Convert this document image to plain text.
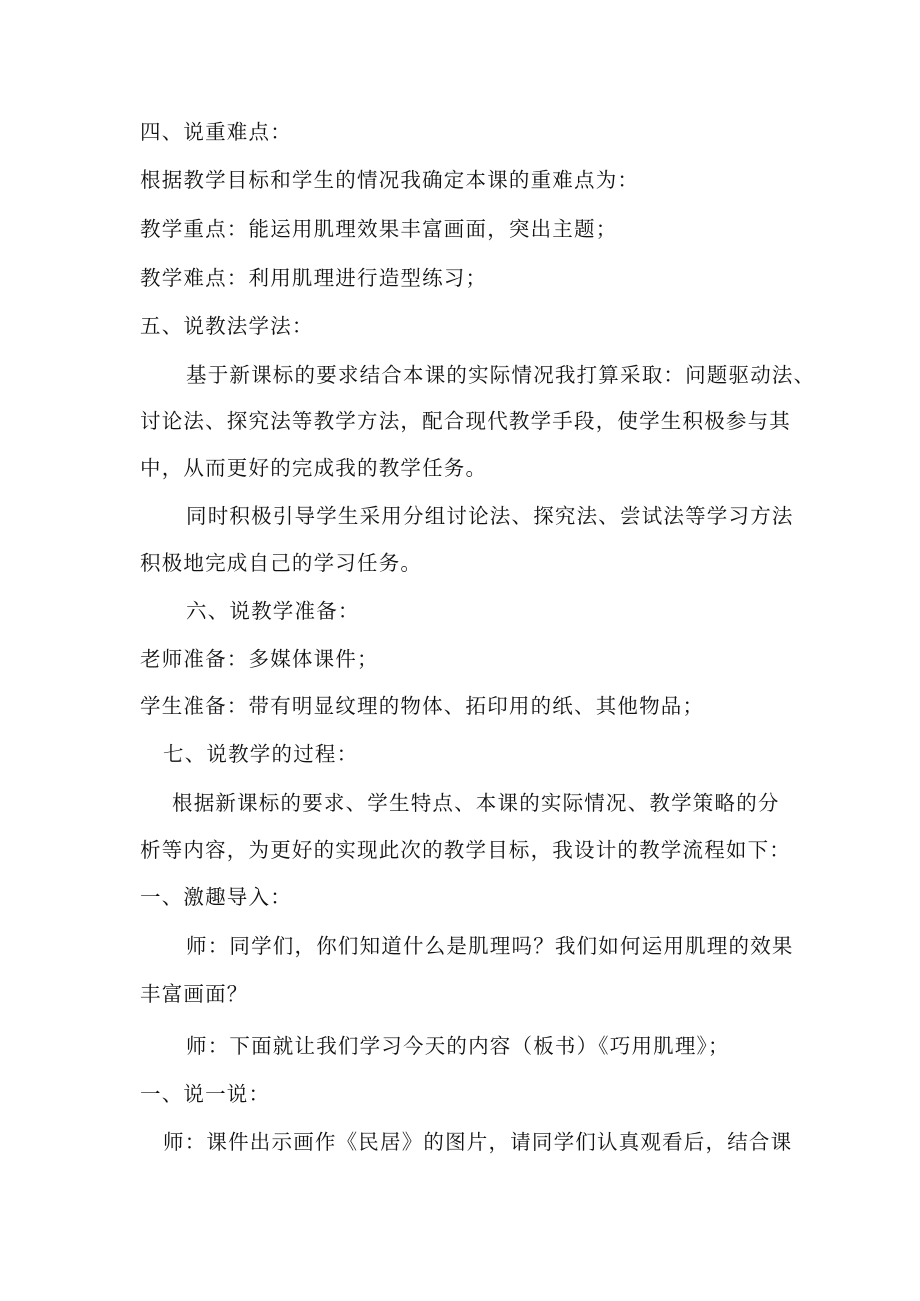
四、说重难点：
根据教学目标和学生的情况我确定本课的重难点为：
教学重点：能运用肌理效果丰富画面，突出主题；
教学难点：利用肌理进行造型练习；
五、说教法学法：
基于新课标的要求结合本课的实际情况我打算采取：问题驱动法、
讨论法、探究法等教学方法，配合现代教学手段，使学生积极参与其
中，从而更好的完成我的教学任务。
同时积极引导学生采用分组讨论法、探究法、尝试法等学习方法
积极地完成自己的学习任务。
六、说教学准备：
老师准备：多媒体课件；
学生准备：带有明显纹理的物体、拓印用的纸、其他物品；
七、说教学的过程：
根据新课标的要求、学生特点、本课的实际情况、教学策略的分
析等内容，为更好的实现此次的教学目标，我设计的教学流程如下：
一、激趣导入：
师：同学们，你们知道什么是肌理吗？我们如何运用肌理的效果
丰富画面？
师：下面就让我们学习今天的内容（板书）《巧用肌理》；
一、说一说：
师：课件出示画作《民居》的图片，请同学们认真观看后，结合课
